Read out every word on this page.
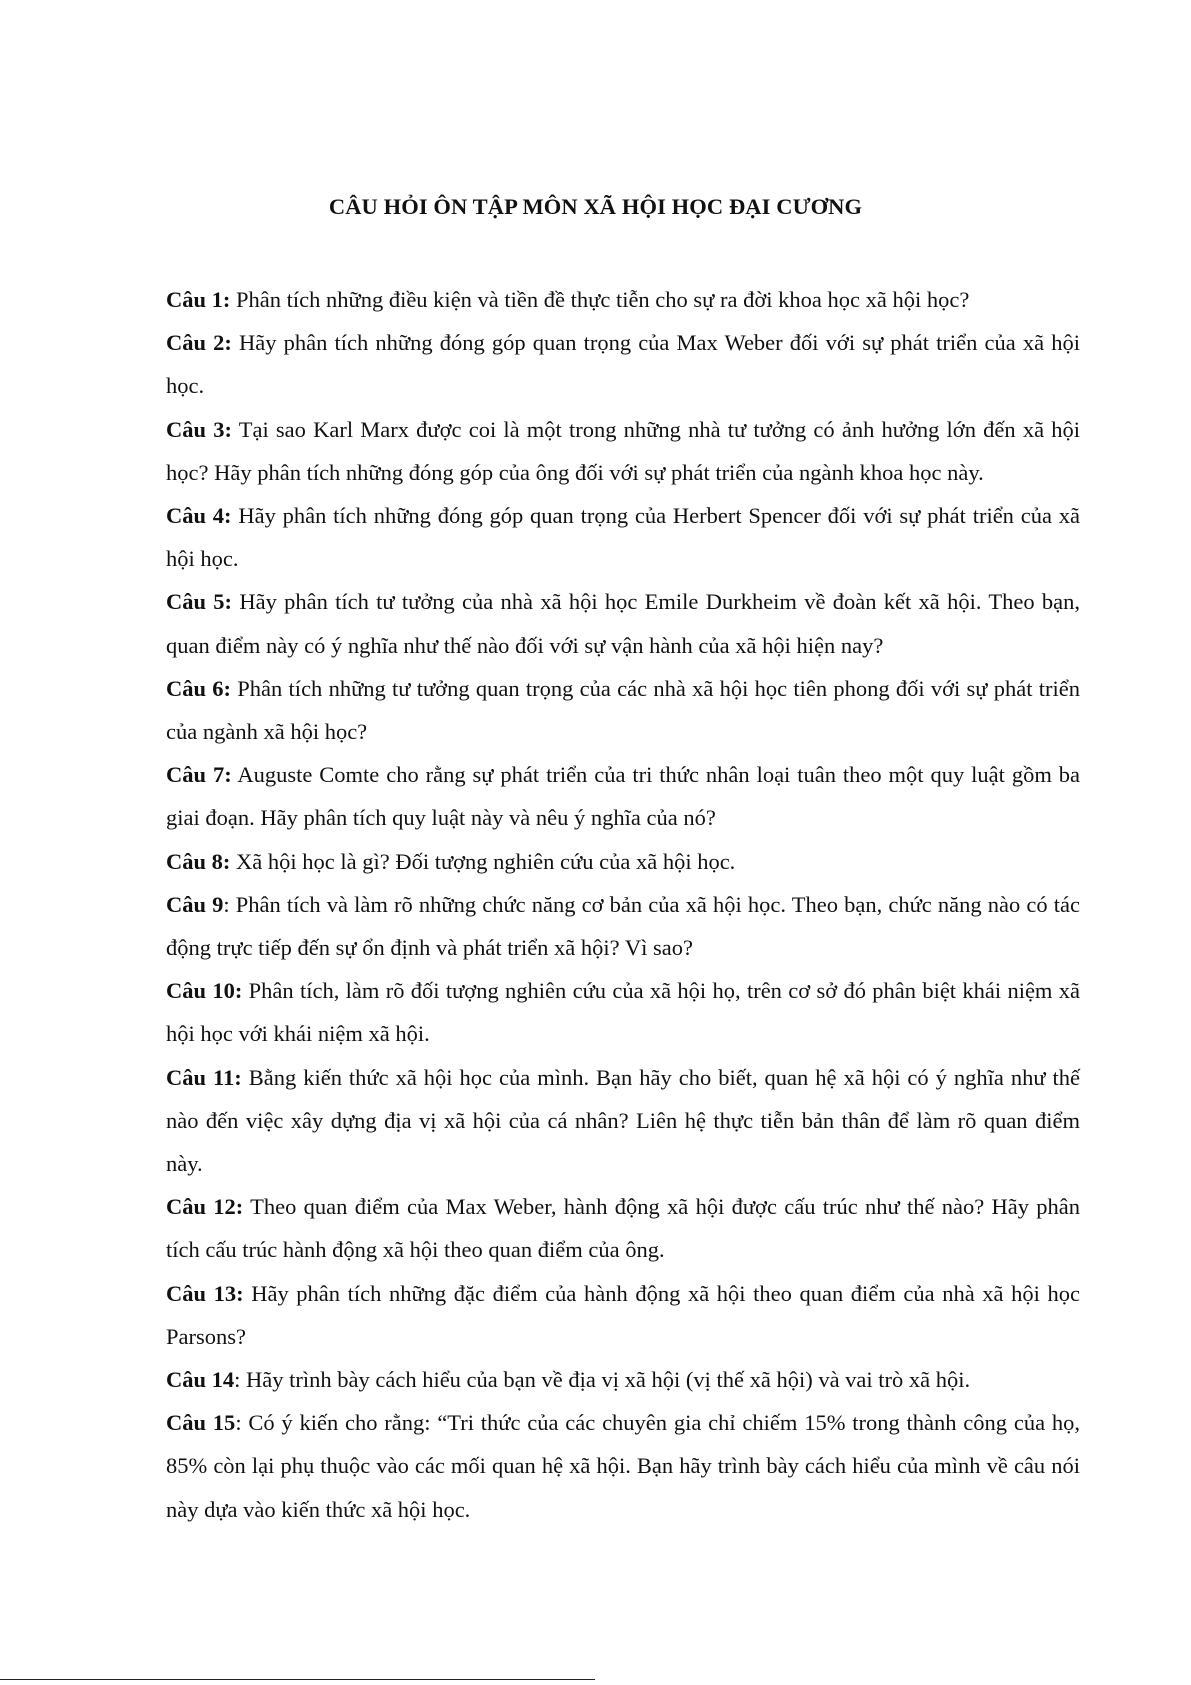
CÂU HỎI ÔN TẬP MÔN XÃ HỘI HỌC ĐẠI CƯƠNG

Câu 1: Phân tích những điều kiện và tiền đề thực tiễn cho sự ra đời khoa học xã hội học?

Câu 2: Hãy phân tích những đóng góp quan trọng của Max Weber đối với sự phát triển của xã hội học.

Câu 3: Tại sao Karl Marx được coi là một trong những nhà tư tưởng có ảnh hưởng lớn đến xã hội học? Hãy phân tích những đóng góp của ông đối với sự phát triển của ngành khoa học này.

Câu 4: Hãy phân tích những đóng góp quan trọng của Herbert Spencer đối với sự phát triển của xã hội học.

Câu 5: Hãy phân tích tư tưởng của nhà xã hội học Emile Durkheim về đoàn kết xã hội. Theo bạn, quan điểm này có ý nghĩa như thế nào đối với sự vận hành của xã hội hiện nay?

Câu 6: Phân tích những tư tưởng quan trọng của các nhà xã hội học tiên phong đối với sự phát triển của ngành xã hội học?

Câu 7: Auguste Comte cho rằng sự phát triển của tri thức nhân loại tuân theo một quy luật gồm ba giai đoạn. Hãy phân tích quy luật này và nêu ý nghĩa của nó?

Câu 8: Xã hội học là gì? Đối tượng nghiên cứu của xã hội học.

Câu 9: Phân tích và làm rõ những chức năng cơ bản của xã hội học. Theo bạn, chức năng nào có tác động trực tiếp đến sự ổn định và phát triển xã hội? Vì sao?

Câu 10: Phân tích, làm rõ đối tượng nghiên cứu của xã hội họ, trên cơ sở đó phân biệt khái niệm xã hội học với khái niệm xã hội.

Câu 11: Bằng kiến thức xã hội học của mình. Bạn hãy cho biết, quan hệ xã hội có ý nghĩa như thế nào đến việc xây dựng địa vị xã hội của cá nhân? Liên hệ thực tiễn bản thân để làm rõ quan điểm này.

Câu 12: Theo quan điểm của Max Weber, hành động xã hội được cấu trúc như thế nào? Hãy phân tích cấu trúc hành động xã hội theo quan điểm của ông.

Câu 13: Hãy phân tích những đặc điểm của hành động xã hội theo quan điểm của nhà xã hội học Parsons?

Câu 14: Hãy trình bày cách hiểu của bạn về địa vị xã hội (vị thế xã hội) và vai trò xã hội.

Câu 15: Có ý kiến cho rằng: “Tri thức của các chuyên gia chỉ chiếm 15% trong thành công của họ, 85% còn lại phụ thuộc vào các mối quan hệ xã hội. Bạn hãy trình bày cách hiểu của mình về câu nói này dựa vào kiến thức xã hội học.
